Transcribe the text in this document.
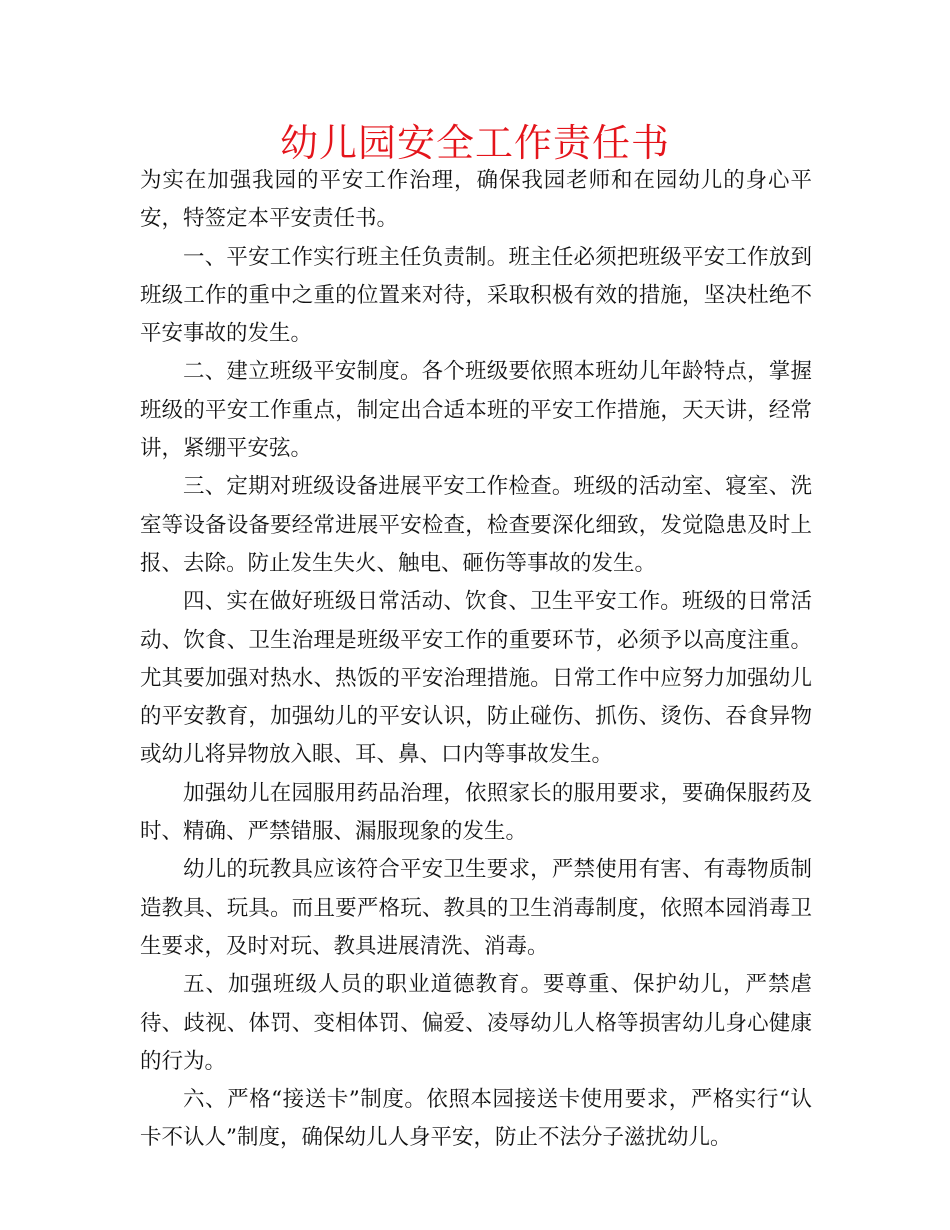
幼儿园安全工作责任书

为实在加强我园的平安工作治理，确保我园老师和在园幼儿的身心平安，特签定本平安责任书。

一、平安工作实行班主任负责制。班主任必须把班级平安工作放到班级工作的重中之重的位置来对待，采取积极有效的措施，坚决杜绝不平安事故的发生。

二、建立班级平安制度。各个班级要依照本班幼儿年龄特点，掌握班级的平安工作重点，制定出合适本班的平安工作措施，天天讲，经常讲，紧绷平安弦。

三、定期对班级设备进展平安工作检查。班级的活动室、寝室、洗室等设备设备要经常进展平安检查，检查要深化细致，发觉隐患及时上报、去除。防止发生失火、触电、砸伤等事故的发生。

四、实在做好班级日常活动、饮食、卫生平安工作。班级的日常活动、饮食、卫生治理是班级平安工作的重要环节，必须予以高度注重。尤其要加强对热水、热饭的平安治理措施。日常工作中应努力加强幼儿的平安教育，加强幼儿的平安认识，防止碰伤、抓伤、烫伤、吞食异物或幼儿将异物放入眼、耳、鼻、口内等事故发生。

加强幼儿在园服用药品治理，依照家长的服用要求，要确保服药及时、精确、严禁错服、漏服现象的发生。

幼儿的玩教具应该符合平安卫生要求，严禁使用有害、有毒物质制造教具、玩具。而且要严格玩、教具的卫生消毒制度，依照本园消毒卫生要求，及时对玩、教具进展清洗、消毒。

五、加强班级人员的职业道德教育。要尊重、保护幼儿，严禁虐待、歧视、体罚、变相体罚、偏爱、凌辱幼儿人格等损害幼儿身心健康的行为。

六、严格“接送卡”制度。依照本园接送卡使用要求，严格实行“认卡不认人”制度，确保幼儿人身平安，防止不法分子滋扰幼儿。
